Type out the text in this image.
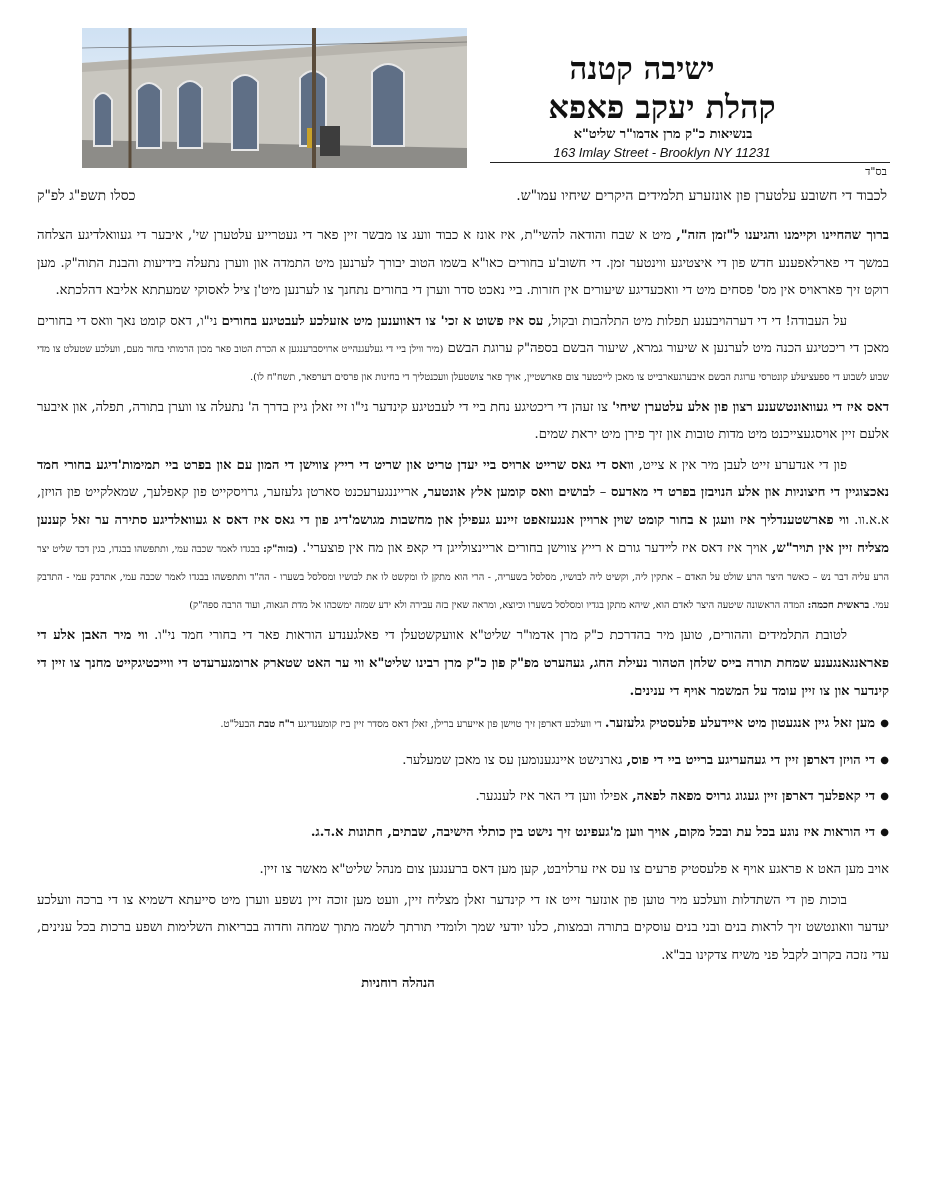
ישיבה קטנה
קהלת יעקב פאפא
בנשיאות כ"ק מרן אדמו"ר שליט"א
163 Imlay Street - Brooklyn NY 11231
בס"ד
לכבוד די חשובע עלטערן פון אונזערע תלמידים היקרים שיחיו עמו"ש.
כסלו תשפ"ג לפ"ק

ברוך שהחיינו וקיימנו והגיענו ל"זמן הזה", מיט א שבח והודאה להשי"ת, איז אונז א כבוד וועג צו מבשר זיין פאר די געטרייע עלטערן שי', איבער די געוואלדיגע הצלחה במשך די פארלאפענע חדש פון די איצטיגע ווינטער זמן. די חשוב'ע בחורים כאו"א בשמו הטוב יבורך לערנען מיט התמדה און ווערן נתעלה בידיעות והבנת התוה"ק. מען רוקט זיך פאראויס אין מס' פסחים מיט די וואכעדיגע שיעורים אין חזרות. ביי נאכט סדר ווערן די בחורים נתחנך צו לערנען מיט'ן ציל לאסוקי שמעתתא אליבא דהלכתא.

על העבודה! די די דערהויבענע תפלות מיט התלהבות ובקול, עס איז פשוט א זכי' צו דאווענען מיט אזעלכע לעבטיגע בחורים ני"ו, דאס קומט נאך וואס די בחורים מאכן די ריכטיגע הכנה מיט לערנען א שיעור גמרא, שיעור הבשם בספה"ק ערוגת הבשם (מיר ווילן ביי די געלעגנהייט ארויסברענגען א הכרת הטוב פאר מכון הרמותי בחור מעם, וועלכע שטעלט צו מדי שבוע לשבוע די ספעציעלע קונטרסי ערוגת הבשם איבערגעארבייט צו מאכן לייכטער צום פארשטיין, אויך פאר צושטעלן וועכנטליך די בחינות און פרסים דערפאר, תשח"ח לו).

דאס איז די געוואונטשענע רצון פון אלע עלטערן שיחי' צו זעהן די ריכטיגע נחת ביי די לעבטיגע קינדער ני"ו זיי זאלן גיין בדרך ה' נתעלה צו ווערן בתורה, תפלה, און איבער אלעם זיין אויסגעצייכנט מיט מדות טובות און זיך פירן מיט יראת שמים.

פון די אנדערע זייט לעבן מיר אין א צייט, וואס די גאס שרייט ארויס ביי יעדן טריט און שריט די רייץ צווישן די המון עם און בפרט ביי תמימות'דיגע בחורי חמד נאכצוגיין די חיצוניות און אלע הנויבזן בפרט די מאדעס – לבושים וואס קומען אלץ אונטער, ארייננגערעכנט סארטן גלעזער, גרויסקייט פון קאפלעך, שמאלקייט פון הויזן, א.א.וו. ווי פארשטענדליך איז וועגן א בחור קומט שוין ארויין אנגעזאפט זיינע געפילן און מחשבות מגושמ'דיג פון די גאס איז דאס א געוואלדיגע סתירה ער זאל קענען מצליח זיין אין תויר"ש, אויך איז דאס איז לײדער גורם א רייץ צווישן בחורים אריינצולייגן די קאפ און מח אין פוצערי'. (בזוה"ק: בבגדו לאמר שכבה עמי, ותתפשהו בבגדו, בגין דכד שליט יצר הרע עליה דבר נש – כאשר היצר הרע שולט על האדם – אתקין ליה, וקשיט ליה לבושיו, מסלסל בשעריה, - הרי הוא מתקן לו ומקשט לו את לבושיו ומסלסל בשערו - הה"ד ותתפשהו בבגדו לאמר שכבה עמי, אתדבק עמי - התדבק עמי. בראשית חכמה: המדה הראשונה שיטעה היצר לאדם הוא, שיהא מתקן בגדיו ומסלסל בשערו וכיוצא, ומראה שאין בזה עבירה ולא ידע שמזה ימשכהו אל מדת הגאוה, ועוד הרבה ספה"ק)

לטובת התלמידים וההורים, טוען מיר בהדרכת כ"ק מרן אדמו"ר שליט"א אוועקשטעלן די פאלגענדע הוראות פאר די בחורי חמד ני"ו. ווי מיר האבן אלע די פאראנגאנגענע שמחת תורה בייס שלחן הטהור נעילת החג, געהערט מפ"ק פון כ"ק מרן רבינו שליט"א ווי ער האט שטארק ארומגערעדט די ווייכטיגקייט מחנך צו זיין די קינדער און צו זיין עומד על המשמר אויף די ענינים.

● מען זאל גיין אנגעטון מיט איידעלע פלעסטיק גלעזער. די וועלכע דארפן זיך טוישן פון אייערע ברילן, זאלן דאס מסדר זיין ביז קומענדיגע ר"ח טבת הבעל"ט.
● די הויזן דארפן זיין די געהעריגע ברייט ביי די פוס, גארנישט איינגענומען עס צו מאכן שמעלער.
● די קאפלעך דארפן זיין געגוג גרויס מפאה לפאה, אפילו ווען די האר איז לענגער.
● די הוראות איז נוגע בכל עת ובכל מקום, אויך ווען מ'געפינט זיך נישט בין כותלי הישיבה, שבתים, חתונות א.ד.ג.

אויב מען האט א פראגע אויף א פלעסטיק פרעים צו עס איז ערלויבט, קען מען דאס ברענגען צום מנהל שליט"א מאשר צו זיין.

בוכות פון די השתדלות וועלכע מיר טוען פון אונזער זייט אז די קינדער זאלן מצליח זיין, וועט מען זוכה זיין נשפע ווערן מיט סייעתא דשמיא צו די ברכה וועלכע יעדער וואונטשט זיך לראות בנים ובני בנים עוסקים בתורה ובמצות, כלנו יודעי שמך ולומדי תורתך לשמה מתוך שמחה וחדוה בבריאות השלימות ושפע ברכות בכל ענינים, עדי נזכה בקרוב לקבל פני משיח צדקינו בב"א.

הנהלה רוחניות
